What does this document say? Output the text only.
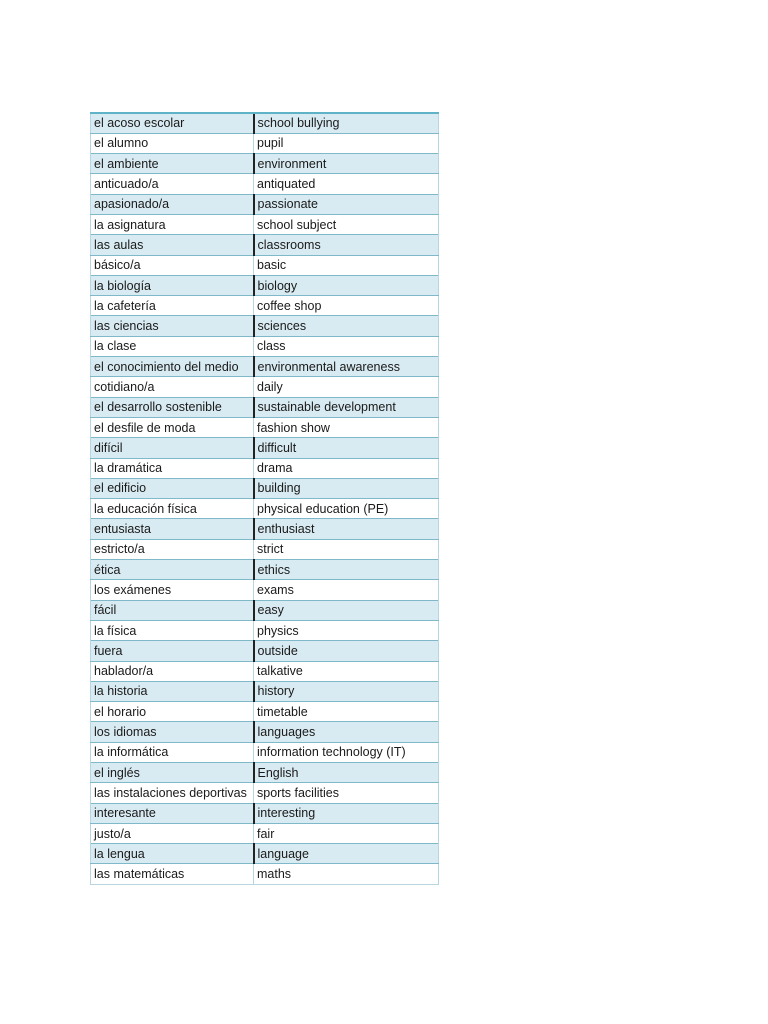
el acoso escolar	school bullying
el alumno	pupil
el ambiente	environment
anticuado/a	antiquated
apasionado/a	passionate
la asignatura	school subject
las aulas	classrooms
básico/a	basic
la biología	biology
la cafetería	coffee shop
las ciencias	sciences
la clase	class
el conocimiento del medio	environmental awareness
cotidiano/a	daily
el desarrollo sostenible	sustainable development
el desfile de moda	fashion show
difícil	difficult
la dramática	drama
el edificio	building
la educación física	physical education (PE)
entusiasta	enthusiast
estricto/a	strict
ética	ethics
los exámenes	exams
fácil	easy
la física	physics
fuera	outside
hablador/a	talkative
la historia	history
el horario	timetable
los idiomas	languages
la informática	information technology (IT)
el inglés	English
las instalaciones deportivas	sports facilities
interesante	interesting
justo/a	fair
la lengua	language
las matemáticas	maths
